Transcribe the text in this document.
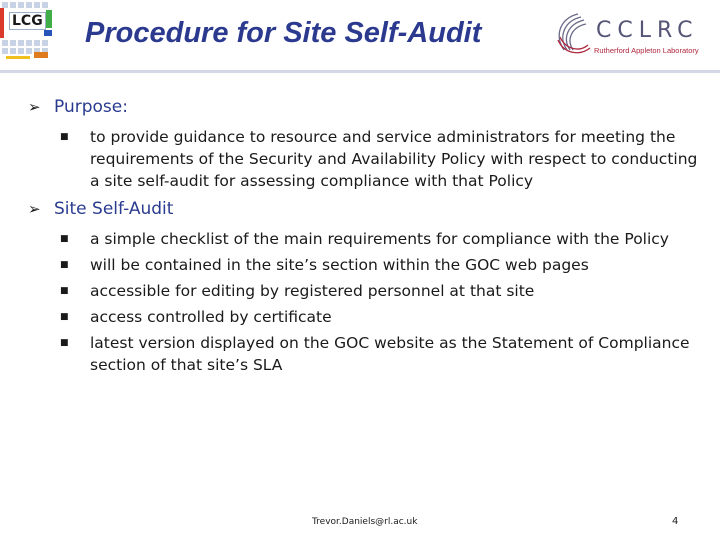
LCG Procedure for Site Self-Audit	CCLRC
Rutherford Appleton Laboratory
➢ Purpose:
■	to provide guidance to resource and service administrators for meeting the requirements of the Security and Availability Policy with respect to conducting a site self-audit for assessing compliance with that Policy
➢ Site Self-Audit
■	a simple checklist of the main requirements for compliance with the Policy
■	will be contained in the site’s section within the GOC web pages
■	accessible for editing by registered personnel at that site
■	access controlled by certificate
■	latest version displayed on the GOC website as the Statement of Compliance section of that site’s SLA
Trevor.Daniels@rl.ac.uk	4
